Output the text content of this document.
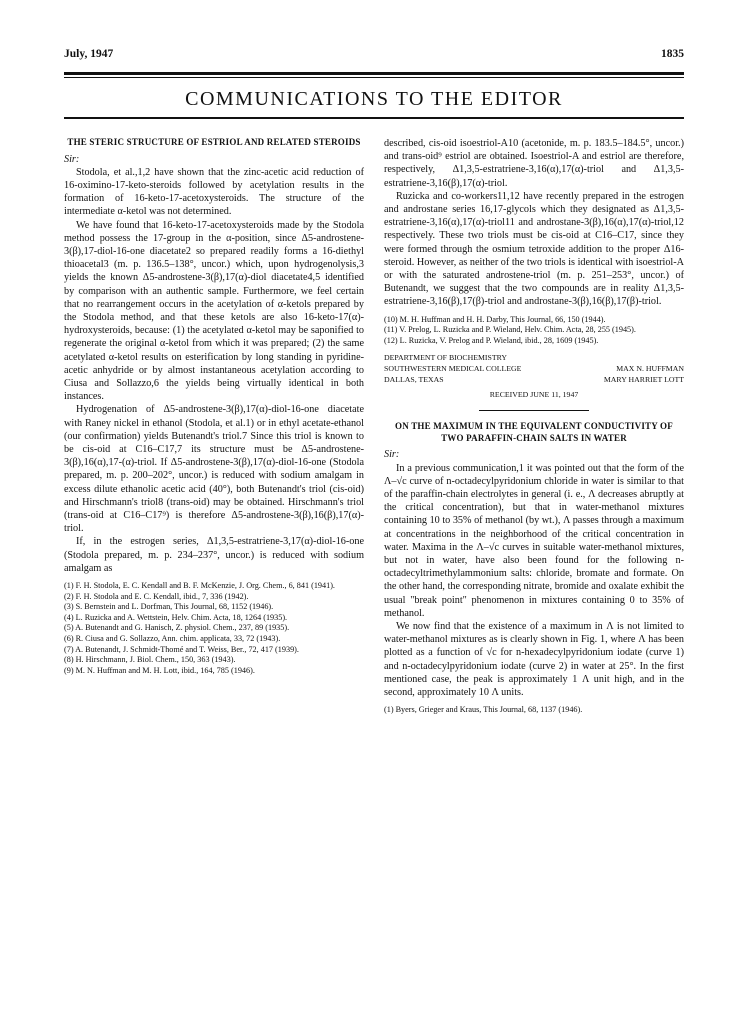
July, 1947	1835
COMMUNICATIONS TO THE EDITOR
THE STERIC STRUCTURE OF ESTRIOL AND RELATED STEROIDS

Sir:

Stodola, et al.,1,2 have shown that the zinc-acetic acid reduction of 16-oximino-17-keto-steroids followed by acetylation results in the formation of 16-keto-17-acetoxysteroids. The structure of the intermediate α-ketol was not determined.

We have found that 16-keto-17-acetoxysteroids made by the Stodola method possess the 17-group in the α-position, since Δ5-androstene-3(β),17-diol-16-one diacetate2 so prepared readily forms a 16-diethyl thioacetal3 (m. p. 136.5–138°, uncor.) which, upon hydrogenolysis,3 yields the known Δ5-androstene-3(β),17(α)-diol diacetate4,5 identified by comparison with an authentic sample. Furthermore, we feel certain that no rearrangement occurs in the acetylation of α-ketols prepared by the Stodola method, and that these ketols are also 16-keto-17(α)-hydroxysteroids, because: (1) the acetylated α-ketol may be saponified to regenerate the original α-ketol from which it was prepared; (2) the same acetylated α-ketol results on esterification by long standing in pyridine-acetic anhydride or by almost instantaneous acetylation according to Ciusa and Sollazzo,6 the yields being virtually identical in both instances.

Hydrogenation of Δ5-androstene-3(β),17(α)-diol-16-one diacetate with Raney nickel in ethanol (Stodola, et al.1) or in ethyl acetate-ethanol (our confirmation) yields Butenandt's triol.7 Since this triol is known to be cis-oid at C16–C17,7 its structure must be Δ5-androstene-3(β),16(α),17-(α)-triol. If Δ5-androstene-3(β),17(α)-diol-16-one (Stodola prepared, m. p. 200–202°, uncor.) is reduced with sodium amalgam in excess dilute ethanolic acetic acid (40°), both Butenandt's triol (cis-oid) and Hirschmann's triol8 (trans-oid) may be obtained. Hirschmann's triol (trans-oid at C16–C17⁹) is therefore Δ5-androstene-3(β),16(β),17(α)-triol.

If, in the estrogen series, Δ1,3,5-estratriene-3,17(α)-diol-16-one (Stodola prepared, m. p. 234–237°, uncor.) is reduced with sodium amalgam as

(1) F. H. Stodola, E. C. Kendall and B. F. McKenzie, J. Org. Chem., 6, 841 (1941).
(2) F. H. Stodola and E. C. Kendall, ibid., 7, 336 (1942).
(3) S. Bernstein and L. Dorfman, This Journal, 68, 1152 (1946).
(4) L. Ruzicka and A. Wettstein, Helv. Chim. Acta, 18, 1264 (1935).
(5) A. Butenandt and G. Hanisch, Z. physiol. Chem., 237, 89 (1935).
(6) R. Ciusa and G. Sollazzo, Ann. chim. applicata, 33, 72 (1943).
(7) A. Butenandt, J. Schmidt-Thomé and T. Weiss, Ber., 72, 417 (1939).
(8) H. Hirschmann, J. Biol. Chem., 150, 363 (1943).
(9) M. N. Huffman and M. H. Lott, ibid., 164, 785 (1946).

described, cis-oid isoestriol-A10 (acetonide, m. p. 183.5–184.5°, uncor.) and trans-oid⁹ estriol are obtained. Isoestriol-A and estriol are therefore, respectively, Δ1,3,5-estratriene-3,16(α),17(α)-triol and Δ1,3,5-estratriene-3,16(β),17(α)-triol.

Ruzicka and co-workers11,12 have recently prepared in the estrogen and androstane series 16,17-glycols which they designated as Δ1,3,5-estratriene-3,16(α),17(α)-triol11 and androstane-3(β),16(α),17(α)-triol,12 respectively. These two triols must be cis-oid at C16–C17, since they were formed through the osmium tetroxide addition to the proper Δ16-steroid. However, as neither of the two triols is identical with isoestriol-A or with the saturated androstene-triol (m. p. 251–253°, uncor.) of Butenandt, we suggest that the two compounds are in reality Δ1,3,5-estratriene-3,16(β),17(β)-triol and androstane-3(β),16(β),17(β)-triol.

(10) M. H. Huffman and H. H. Darby, This Journal, 66, 150 (1944).
(11) V. Prelog, L. Ruzicka and P. Wieland, Helv. Chim. Acta, 28, 255 (1945).
(12) L. Ruzicka, V. Prelog and P. Wieland, ibid., 28, 1609 (1945).
DEPARTMENT OF BIOCHEMISTRY
SOUTHWESTERN MEDICAL COLLEGE	MAX N. HUFFMAN
DALLAS, TEXAS	MARY HARRIET LOTT
RECEIVED JUNE 11, 1947
ON THE MAXIMUM IN THE EQUIVALENT CONDUCTIVITY OF TWO PARAFFIN-CHAIN SALTS IN WATER

Sir:

In a previous communication,1 it was pointed out that the form of the Λ–√c curve of n-octadecylpyridonium chloride in water is similar to that of the paraffin-chain electrolytes in general (i. e., Λ decreases abruptly at the critical concentration), but that in water-methanol mixtures containing 10 to 35% of methanol (by wt.), Λ passes through a maximum at concentrations in the neighborhood of the critical concentration in water. Maxima in the Λ–√c curves in suitable water-methanol mixtures, but not in water, have also been found for the following n-octadecyltrimethylammonium salts: chloride, bromate and formate. On the other hand, the corresponding nitrate, bromide and oxalate exhibit the usual "break point" phenomenon in mixtures containing 0 to 35% of methanol.

We now find that the existence of a maximum in Λ is not limited to water-methanol mixtures as is clearly shown in Fig. 1, where Λ has been plotted as a function of √c for n-hexadecylpyridonium iodate (curve 1) and n-octadecylpyridonium iodate (curve 2) in water at 25°. In the first mentioned case, the peak is approximately 1 Λ unit high, and in the second, approximately 10 Λ units.

(1) Byers, Grieger and Kraus, This Journal, 68, 1137 (1946).
